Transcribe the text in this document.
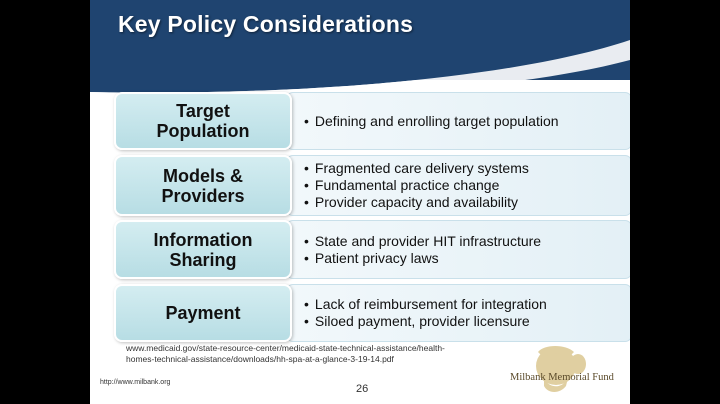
Key Policy Considerations
Target
Population
• Defining and enrolling target population
Models &
Providers
• Fragmented care delivery systems
• Fundamental practice change
• Provider capacity and availability
Information
Sharing
• State and provider HIT infrastructure
• Patient privacy laws
Payment
•	Lack of reimbursement for integration
• Siloed payment, provider licensure
www.medicaid.gov/state-resource-center/medicaid-state-technical-assistance/health-
homes-technical-assistance/downloads/hh-spa-at-a-glance-3-19-14.pdf
http://www.milbank.org
26
Milbank Memorial Fund
